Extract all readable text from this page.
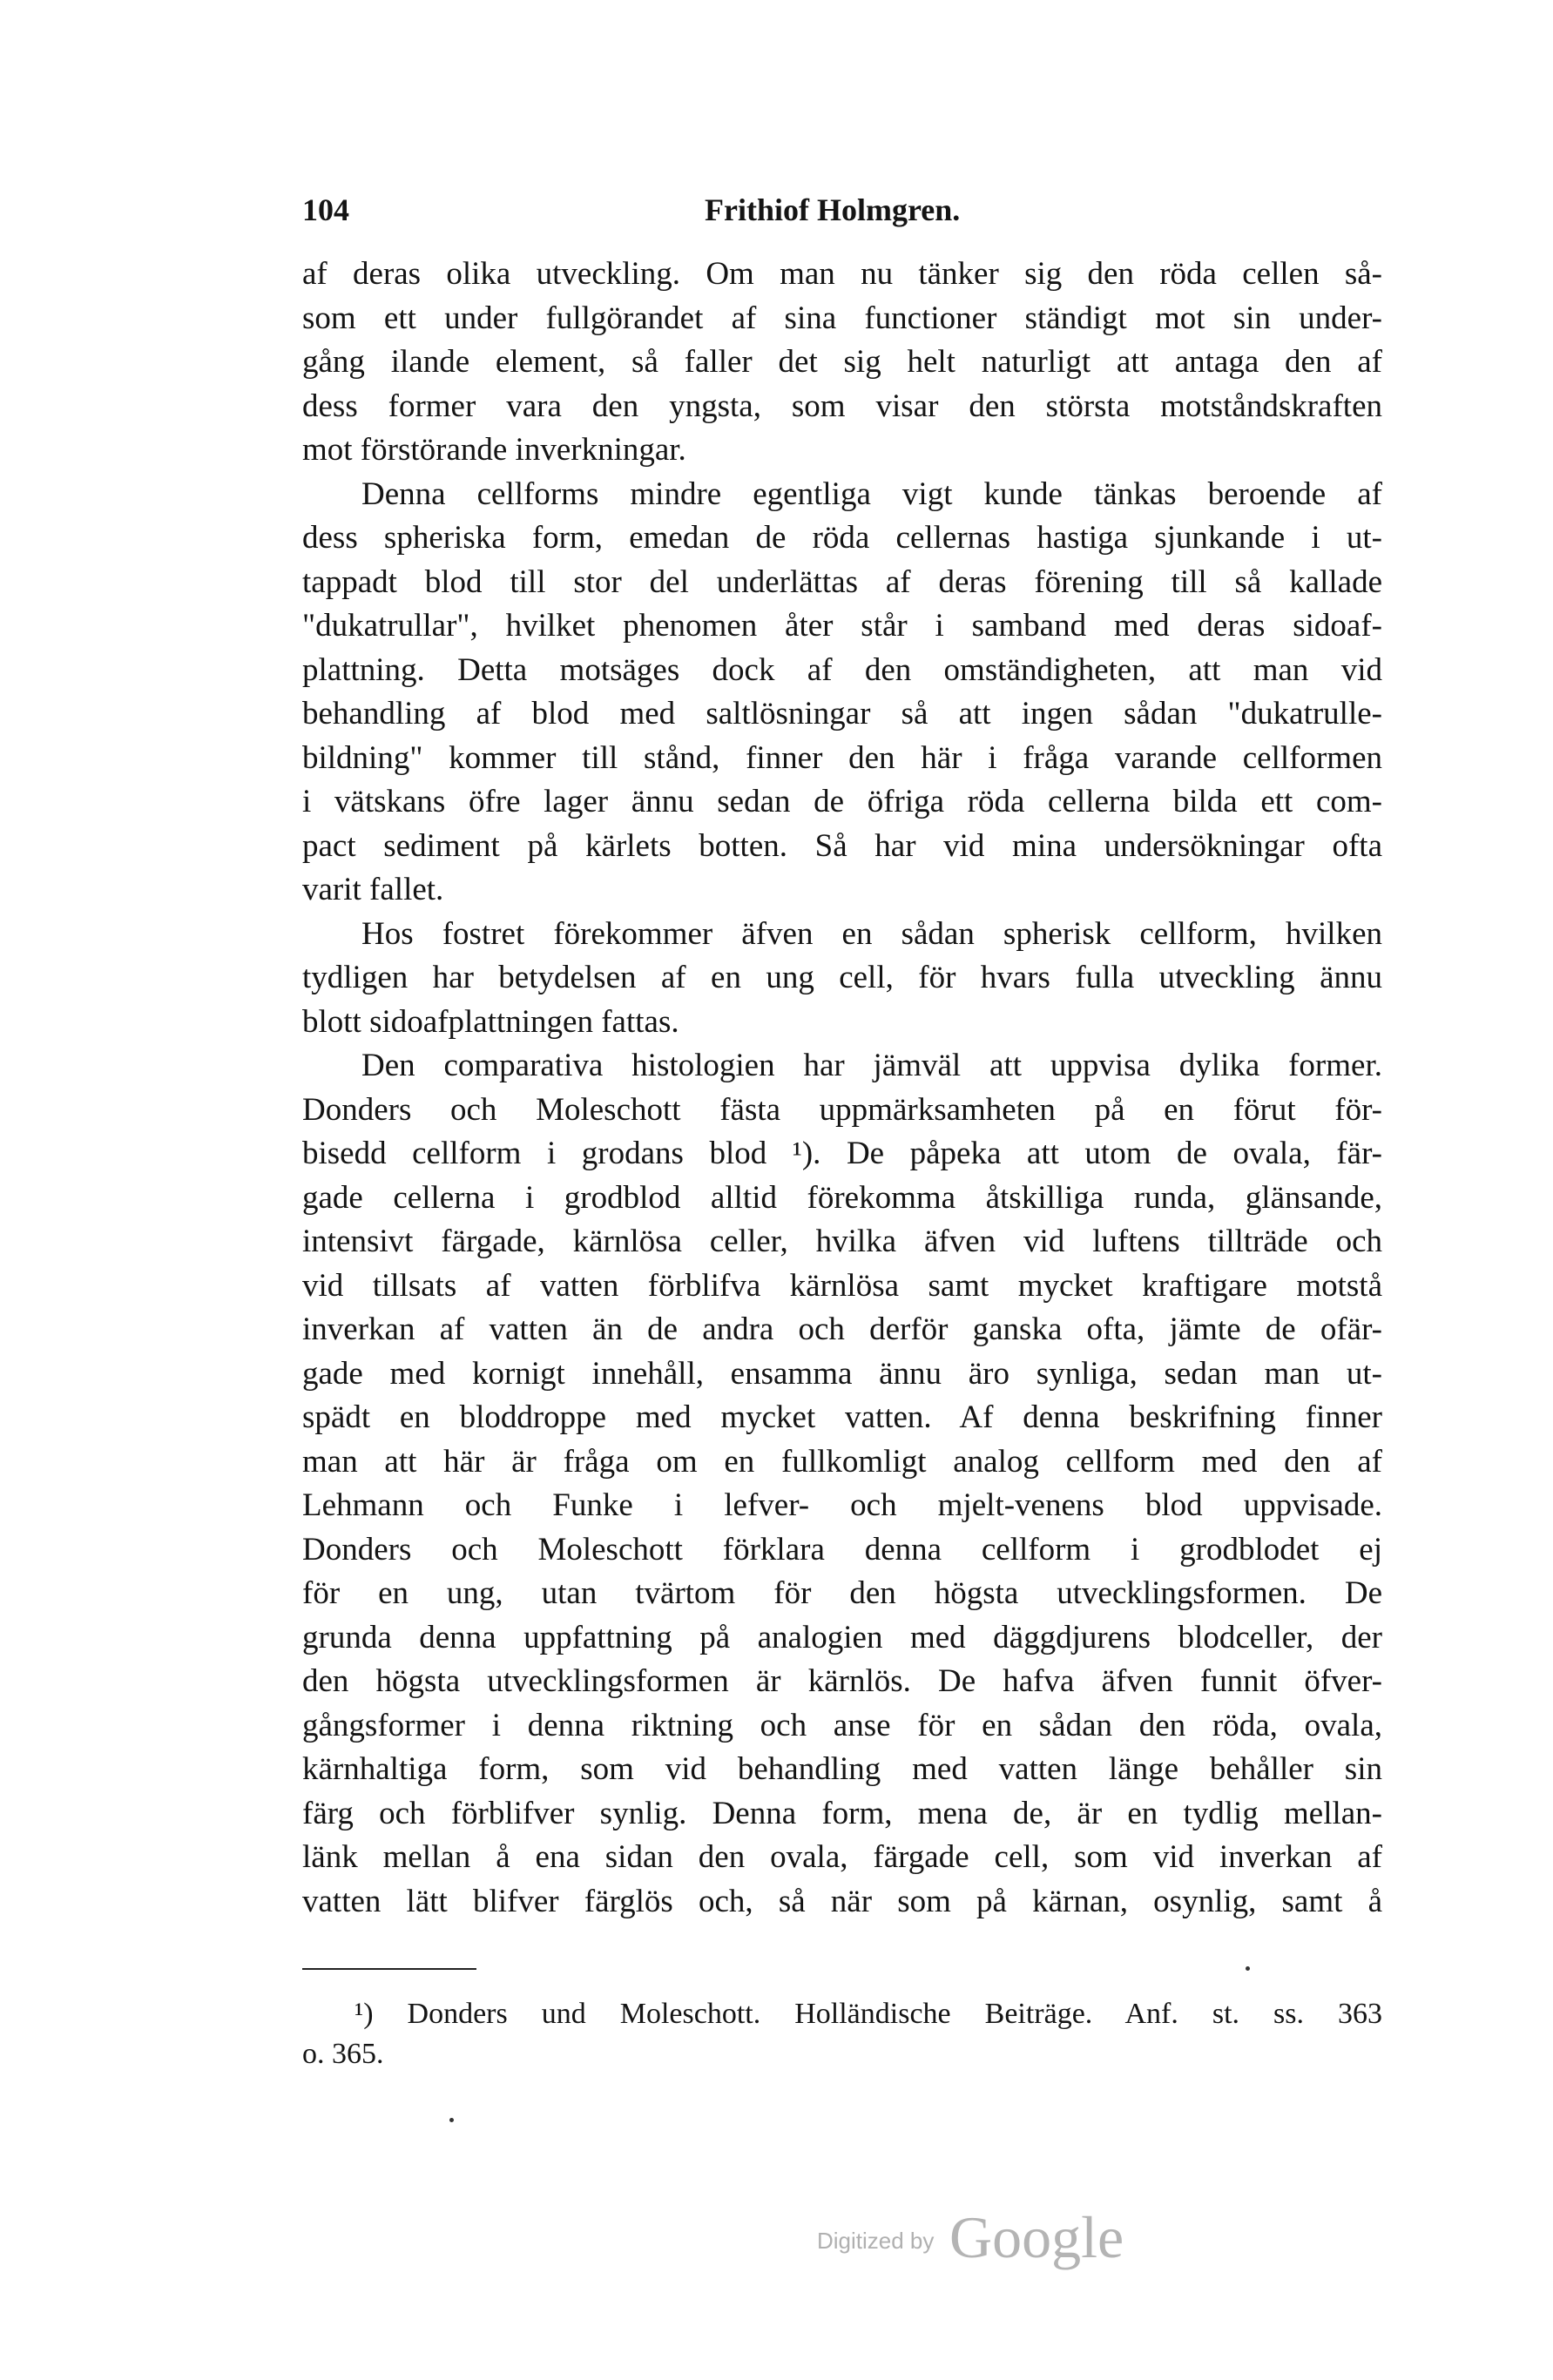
104	Frithiof Holmgren.
af deras olika utveckling. Om man nu tänker sig den röda cellen så-
som ett under fullgörandet af sina functioner ständigt mot sin under-
gång ilande element, så faller det sig helt naturligt att antaga den af
dess former vara den yngsta, som visar den största motståndskraften
mot förstörande inverkningar.
Denna cellforms mindre egentliga vigt kunde tänkas beroende af
dess spheriska form, emedan de röda cellernas hastiga sjunkande i ut-
tappadt blod till stor del underlättas af deras förening till så kallade
"dukatrullar", hvilket phenomen åter står i samband med deras sidoaf-
plattning. Detta motsäges dock af den omständigheten, att man vid
behandling af blod med saltlösningar så att ingen sådan "dukatrulle-
bildning" kommer till stånd, finner den här i fråga varande cellformen
i vätskans öfre lager ännu sedan de öfriga röda cellerna bilda ett com-
pact sediment på kärlets botten. Så har vid mina undersökningar ofta
varit fallet.
Hos fostret förekommer äfven en sådan spherisk cellform, hvilken
tydligen har betydelsen af en ung cell, för hvars fulla utveckling ännu
blott sidoafplattningen fattas.
Den comparativa histologien har jämväl att uppvisa dylika former.
Donders och Moleschott fästa uppmärksamheten på en förut för-
bisedd cellform i grodans blod ¹). De påpeka att utom de ovala, fär-
gade cellerna i grodblod alltid förekomma åtskilliga runda, glänsande,
intensivt färgade, kärnlösa celler, hvilka äfven vid luftens tillträde och
vid tillsats af vatten förblifva kärnlösa samt mycket kraftigare motstå
inverkan af vatten än de andra och derför ganska ofta, jämte de ofär-
gade med kornigt innehåll, ensamma ännu äro synliga, sedan man ut-
spädt en bloddroppe med mycket vatten. Af denna beskrifning finner
man att här är fråga om en fullkomligt analog cellform med den af
Lehmann och Funke i lefver- och mjelt-venens blod uppvisade.
Donders och Moleschott förklara denna cellform i grodblodet ej
för en ung, utan tvärtom för den högsta utvecklingsformen. De
grunda denna uppfattning på analogien med däggdjurens blodceller, der
den högsta utvecklingsformen är kärnlös. De hafva äfven funnit öfver-
gångsformer i denna riktning och anse för en sådan den röda, ovala,
kärnhaltiga form, som vid behandling med vatten länge behåller sin
färg och förblifver synlig. Denna form, mena de, är en tydlig mellan-
länk mellan å ena sidan den ovala, färgade cell, som vid inverkan af
vatten lätt blifver färglös och, så när som på kärnan, osynlig, samt å
¹) Donders und Moleschott. Holländische Beiträge. Anf. st. ss. 363
o. 365.
Digitized by Google
